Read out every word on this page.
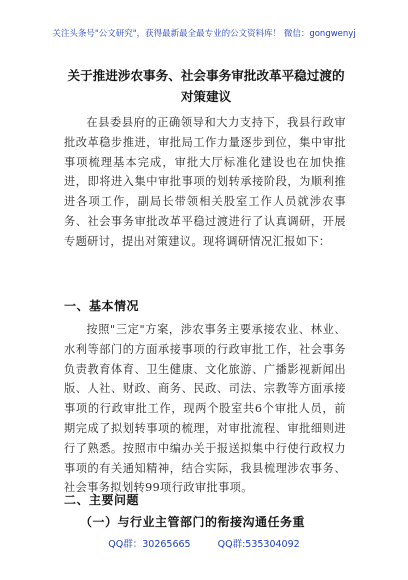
关注头条号"公文研究"，获得最新最全最专业的公文资料库！ 微信：gongwenyj
关于推进涉农事务、社会事务审批改革平稳过渡的对策建议
在县委县府的正确领导和大力支持下，我县行政审批改革稳步推进，审批局工作力量逐步到位，集中审批事项梳理基本完成，审批大厅标准化建设也在加快推进，即将进入集中审批事项的划转承接阶段，为顺利推进各项工作，副局长带领相关股室工作人员就涉农事务、社会事务审批改革平稳过渡进行了认真调研，开展专题研讨，提出对策建议。现将调研情况汇报如下：
一、基本情况
按照"三定"方案，涉农事务主要承接农业、林业、水利等部门的方面承接事项的行政审批工作，社会事务负责教育体育、卫生健康、文化旅游、广播影视新闻出版、人社、财政、商务、民政、司法、宗教等方面承接事项的行政审批工作，现两个股室共6个审批人员，前期完成了拟划转事项的梳理，对审批流程、审批细则进行了熟悉。按照市中编办关于报送拟集中行使行政权力事项的有关通知精神，结合实际，我县梳理涉农事务、社会事务拟划转99项行政审批事项。
二、主要问题
（一）与行业主管部门的衔接沟通任务重
QQ群：30265665	QQ群:535304092
